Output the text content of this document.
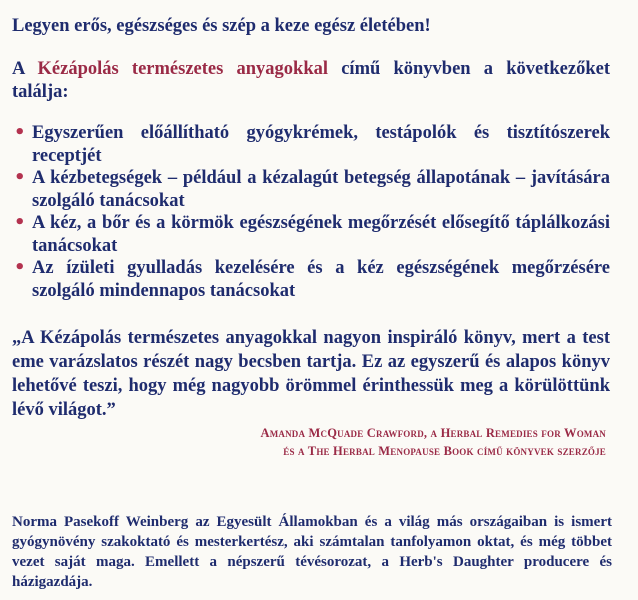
Legyen erős, egészséges és szép a keze egész életében!

A Kézápolás természetes anyagokkal című könyvben a következőket találja:

• Egyszerűen előállítható gyógykrémek, testápolók és tisztítószerek receptjét
• A kézbetegségek – például a kézalagút betegség állapotának – javítására szolgáló tanácsokat
• A kéz, a bőr és a körmök egészségének megőrzését elősegítő táplálkozási tanácsokat
• Az ízületi gyulladás kezelésére és a kéz egészségének megőrzésére szolgáló mindennapos tanácsokat

„A Kézápolás természetes anyagokkal nagyon inspiráló könyv, mert a test eme varázslatos részét nagy becsben tartja. Ez az egyszerű és alapos könyv lehetővé teszi, hogy még nagyobb örömmel érinthessük meg a körülöttünk lévő világot.”

Amanda McQuade Crawford, a Herbal Remedies for Woman
és a The Herbal Menopause Book című könyvek szerzője

Norma Pasekoff Weinberg az Egyesült Államokban és a világ más országaiban is ismert gyógynövény szakoktató és mesterkertész, aki számtalan tanfolyamon oktat, és még többet vezet saját maga. Emellett a népszerű tévésorozat, a Herb's Daughter producere és házigazdája.
